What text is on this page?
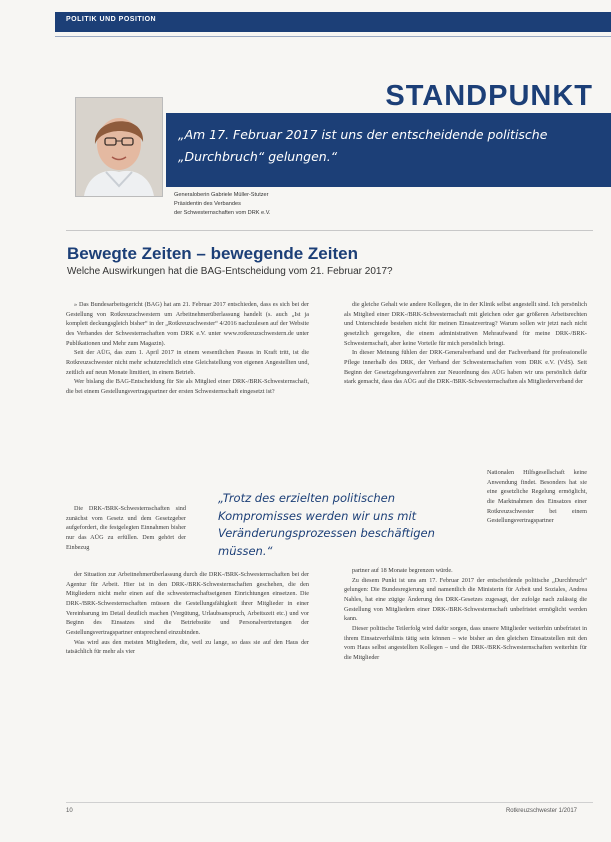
POLITIK UND POSITION
STANDPUNKT
„Am 17. Februar 2017 ist uns der entscheidende politische „Durchbruch“ gelungen.“
Generaloberin Gabriele Müller-Stutzer
Präsidentin des Verbandes
der Schwesternschaften vom DRK e.V.
Bewegte Zeiten – bewegende Zeiten
Welche Auswirkungen hat die BAG-Entscheidung vom 21. Februar 2017?

» Das Bundesarbeitsgericht (BAG) hat am 21. Februar 2017 entschieden, dass es sich bei der Gestellung von Rotkreuzschwestern um Arbeitnehmerüberlassung handelt (s. auch „Ist ja komplett deckungsgleich bisher“ in der „Rotkreuzschwester“ 4/2016 nachzulesen auf der Website des Verbandes der Schwesternschaften vom DRK e.V. unter www.rotkreuzschwestern.de unter Publikationen und Mehr zum Magazin).

Seit der AÜG, das zum 1. April 2017 in einem wesentlichen Passus in Kraft tritt, ist die Rotkreuzschwester nicht mehr schutzrechtlich eine Gleichstellung von eigenen Angestellten und, zeitlich auf neun Monate limitiert, in einem Betrieb.

Wer bislang die BAG-Entscheidung für Sie als Mitglied einer DRK-/BRK-Schwesternschaft, die bei einem Gestellungsvertragspartner der ersten Schwesternschaft eingesetzt ist?

Die DRK-/BRK-Schwesternschaften sind zunächst vom Gesetz und dem Gesetzgeber aufgefordert, die festgelegten Einnahmen bisher nur das AÜG zu erfüllen. Dem gehört der Einbezug

der Situation zur Arbeitnehmerüberlassung durch die DRK-/BRK-Schwesternschaften bei der Agentur für Arbeit. Hier ist in den DRK-/BRK-Schwesternschaften geschehen, die den Mitgliedern nicht mehr einen auf die schwesternschaftseigenen Einrichtungen einsetzen. Die DRK-/BRK-Schwesternschaften müssen die Gestellungsfähigkeit ihrer Mitglieder in einer Vereinbarung im Detail deutlich machen (Vergütung, Urlaubsanspruch, Arbeitszeit etc.) und vor Beginn des Einsatzes sind die Betriebsräte und Personalvertretungen der Gestellungsvertragspartner entsprechend einzubinden.

Was wird aus den meisten Mitgliedern, die, weil zu lange, so dass sie auf den Haus der tatsächlich für mehr als vier

die gleiche Gehalt wie andere Kollegen, die in der Klinik selbst angestellt sind. Ich persönlich als Mitglied einer DRK-/BRK-Schwesternschaft mit gleichen oder gar größeren Arbeitsrechten und Unterschiede bestehen nicht für meinen Einsatzvertrag? Warum sollen wir jetzt nach nicht gesetzlich geregelten, die einem administrativen Mehraufwand für meine DRK-/BRK-Schwesternschaft, aber keine Vorteile für mich persönlich bringt.

In dieser Meinung fühlen der DRK-Generalverband und der Fachverband für professionelle Pflege innerhalb des DRK, der Verband der Schwesternschaften vom DRK e.V. (VdS). Seit Beginn der Gesetzgebungsverfahren zur Neuordnung des AÜG haben wir uns persönlich dafür stark gemacht, dass das AÜG auf die DRK-/BRK-Schwesternschaften als Mitgliederverband der

Nationalen Hilfsgesellschaft keine Anwendung findet. Besonders hat sie eine gesetzliche Regelung ermöglicht, die Marktnahmen des Einsatzes einer Rotkreuzschwester bei einem Gestellungsvertragspartner

partner auf 18 Monate begrenzen würde.

Zu diesem Punkt ist uns am 17. Februar 2017 der entscheidende politische „Durchbruch“ gelungen: Die Bundesregierung und namentlich die Ministerin für Arbeit und Soziales, Andrea Nahles, hat eine zügige Änderung des DRK-Gesetzes zugesagt, der zufolge nach zulässig die Gestellung von Mitgliedern einer DRK-/BRK-Schwesternschaft unbefristet ermöglicht werden kann.

Dieser politische Teilerfolg wird dafür sorgen, dass unsere Mitglieder weiterhin unbefristet in ihrem Einsatzverhältnis tätig sein können – wie bisher an den gleichen Einsatzstellen mit den vom Haus selbst angestellten Kollegen – und die DRK-/BRK-Schwesternschaften weiterhin für die Mitglieder

„Trotz des erzielten politischen Kompromisses werden wir uns mit Veränderungsprozessen beschäftigen müssen.“
10	Rotkreuzschwester 1/2017
